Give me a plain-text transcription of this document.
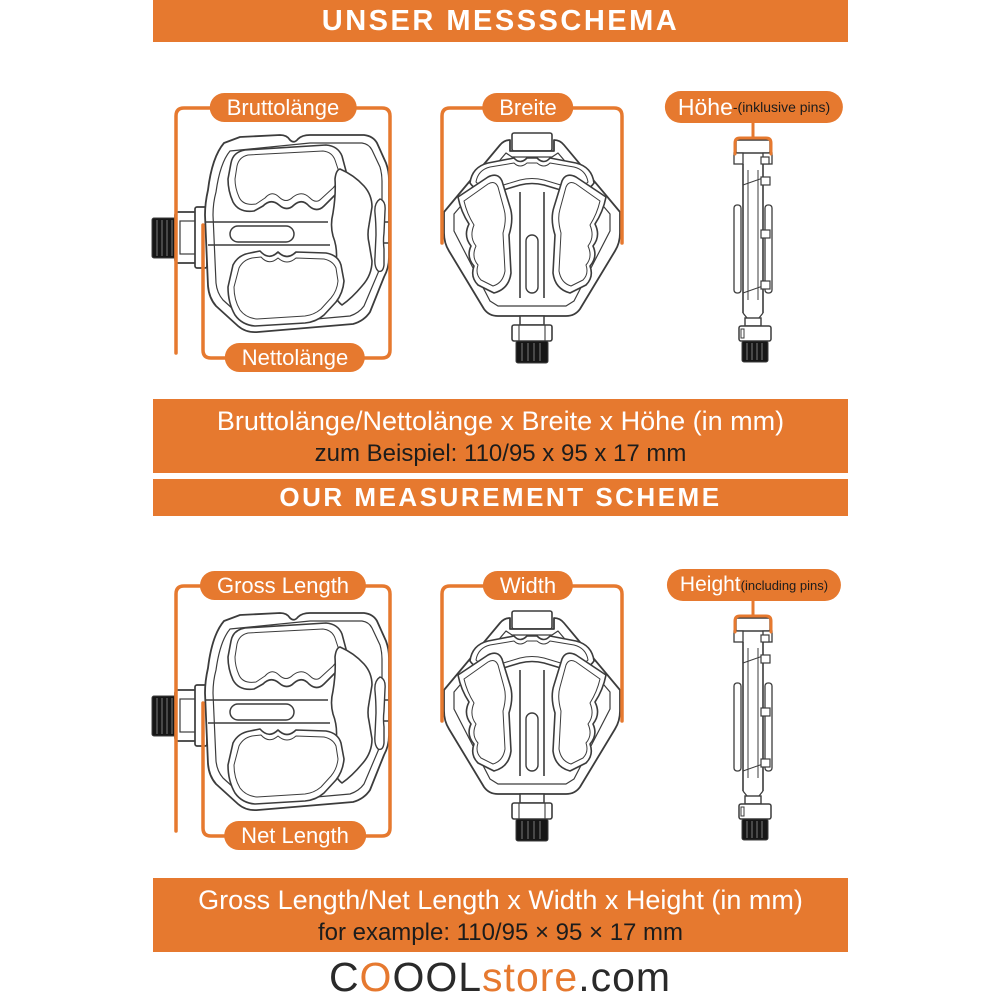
UNSER MESSSCHEMA
Bruttolänge
Nettolänge
Breite	Höhe -(inklusive pins)
Bruttolänge/Nettolänge x Breite x Höhe (in mm)
zum Beispiel: 110/95 x 95 x 17 mm
OUR MEASUREMENT SCHEME
Gross Length
Net Length
Width	Height (including pins)
Gross Length/Net Length x Width x Height (in mm)
for example: 110/95 × 95 × 17 mm
C O OOL store .com
